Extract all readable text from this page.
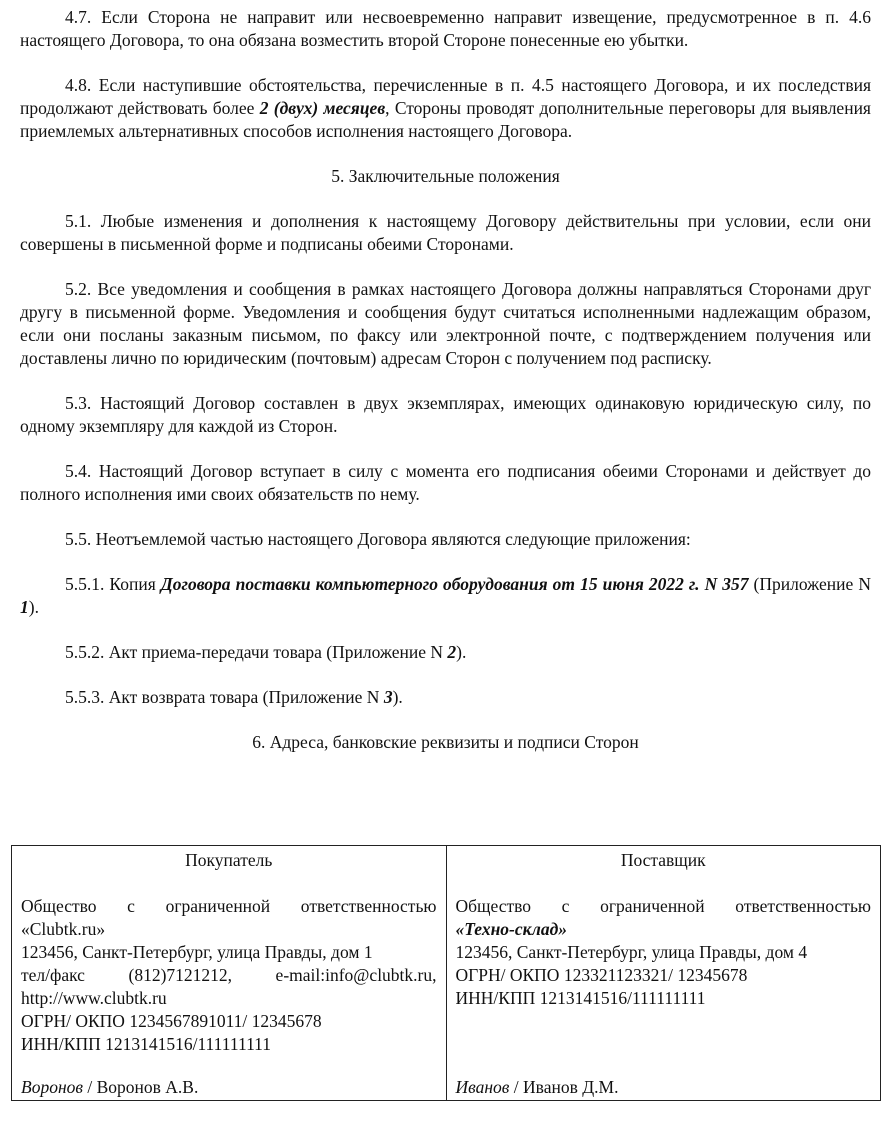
4.7. Если Сторона не направит или несвоевременно направит извещение, предусмотренное в п. 4.6 настоящего Договора, то она обязана возместить второй Стороне понесенные ею убытки.

4.8. Если наступившие обстоятельства, перечисленные в п. 4.5 настоящего Договора, и их последствия продолжают действовать более 2 (двух) месяцев, Стороны проводят дополнительные переговоры для выявления приемлемых альтернативных способов исполнения настоящего Договора.

5. Заключительные положения

5.1. Любые изменения и дополнения к настоящему Договору действительны при условии, если они совершены в письменной форме и подписаны обеими Сторонами.

5.2. Все уведомления и сообщения в рамках настоящего Договора должны направляться Сторонами друг другу в письменной форме. Уведомления и сообщения будут считаться исполненными надлежащим образом, если они посланы заказным письмом, по факсу или электронной почте, с подтверждением получения или доставлены лично по юридическим (почтовым) адресам Сторон с получением под расписку.

5.3. Настоящий Договор составлен в двух экземплярах, имеющих одинаковую юридическую силу, по одному экземпляру для каждой из Сторон.

5.4. Настоящий Договор вступает в силу с момента его подписания обеими Сторонами и действует до полного исполнения ими своих обязательств по нему.

5.5. Неотъемлемой частью настоящего Договора являются следующие приложения:

5.5.1. Копия Договора поставки компьютерного оборудования от 15 июня 2022 г. N 357 (Приложение N 1).

5.5.2. Акт приема-передачи товара (Приложение N 2).

5.5.3. Акт возврата товара (Приложение N 3).

6. Адреса, банковские реквизиты и подписи Сторон

Покупатель
Общество с ограниченной ответственностью
«Clubtk.ru»
123456, Санкт-Петербург, улица Правды, дом 1
тел/факс (812)7121212, e-mail:info@clubtk.ru,
http://www.clubtk.ru
ОГРН/ ОКПО 1234567891011/ 12345678
ИНН/КПП 1213141516/111111111
Воронов / Воронов А.В.

Поставщик
Общество с ограниченной ответственностью
«Техно-склад»
123456, Санкт-Петербург, улица Правды, дом 4
ОГРН/ ОКПО 123321123321/ 12345678
ИНН/КПП 1213141516/111111111
Иванов / Иванов Д.М.
